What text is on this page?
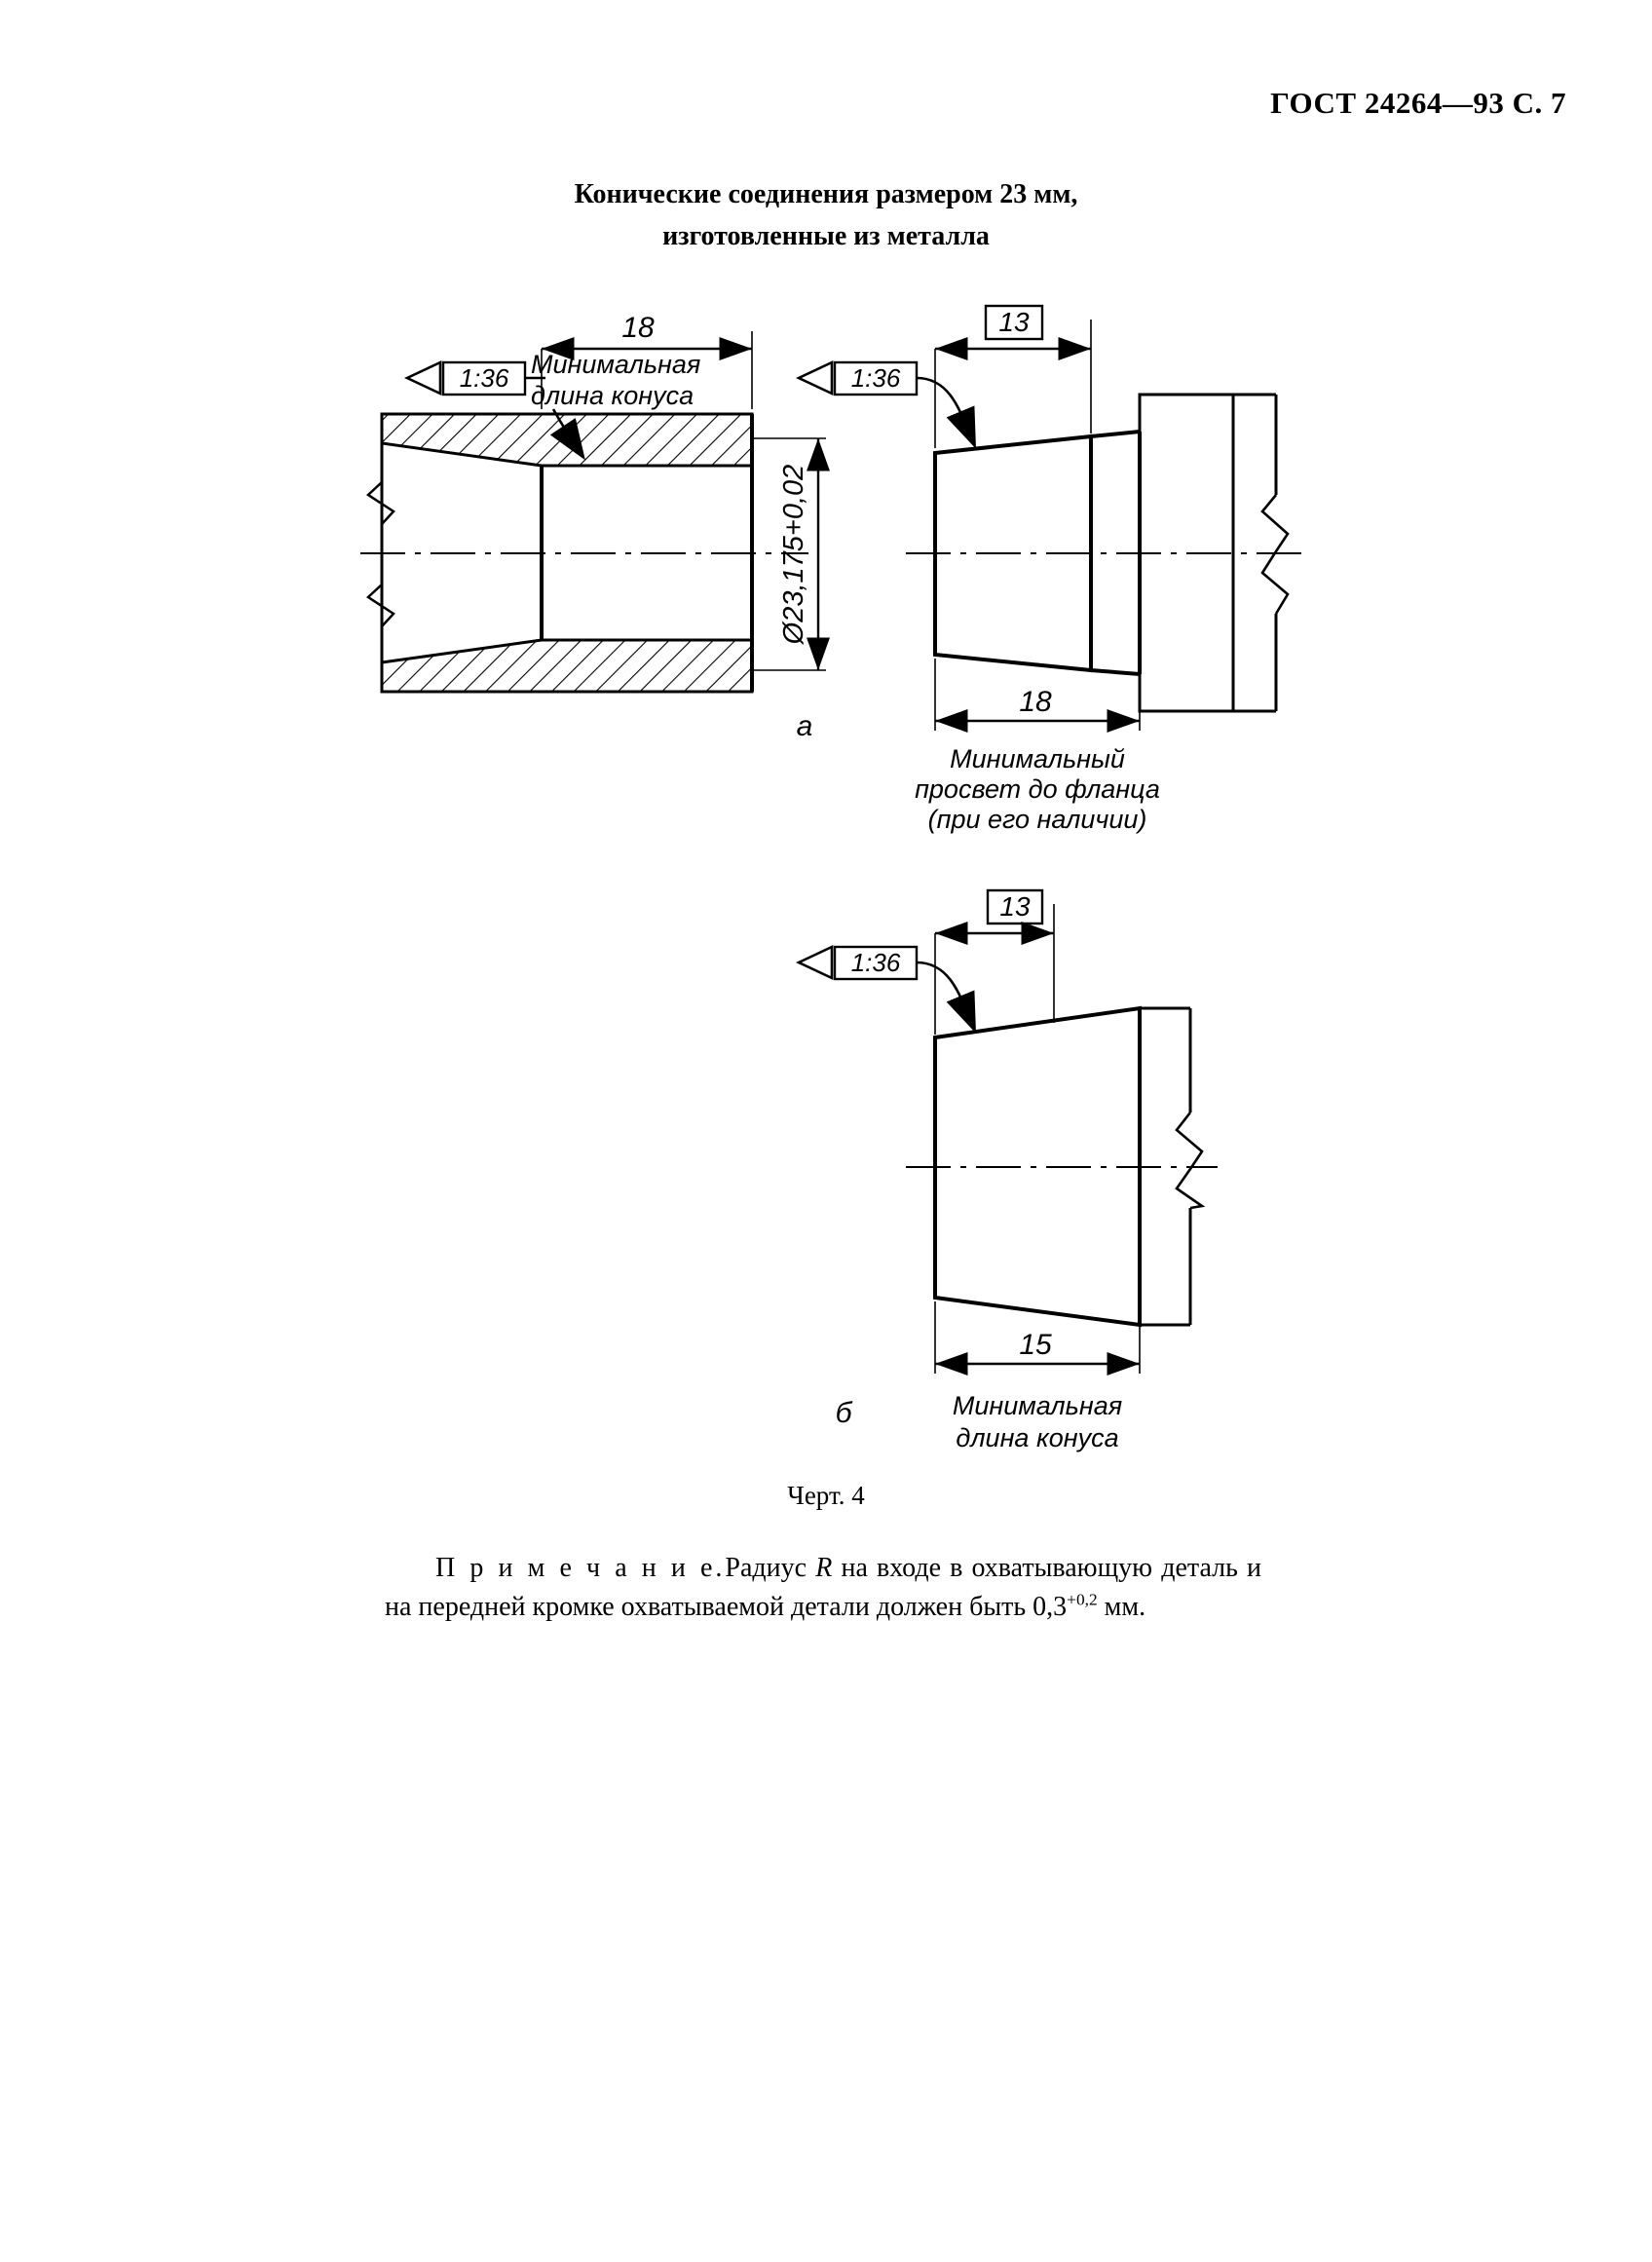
ГОСТ 24264—93 С. 7
Конические соединения размером 23 мм,
изготовленные из металла
18
1:36 Минимальная
длина конуса
Ø23,175+0,02
а
13
1:36
18
Минимальный
просвет до фланца
(при его наличии)
1:36
13
15
Минимальная
длина конуса
б
Черт. 4
П р и м е ч а н и е.Радиус R на входе в охватывающую деталь и на передней кромке охватываемой детали должен быть $0,3^{+0,2}$ мм.
